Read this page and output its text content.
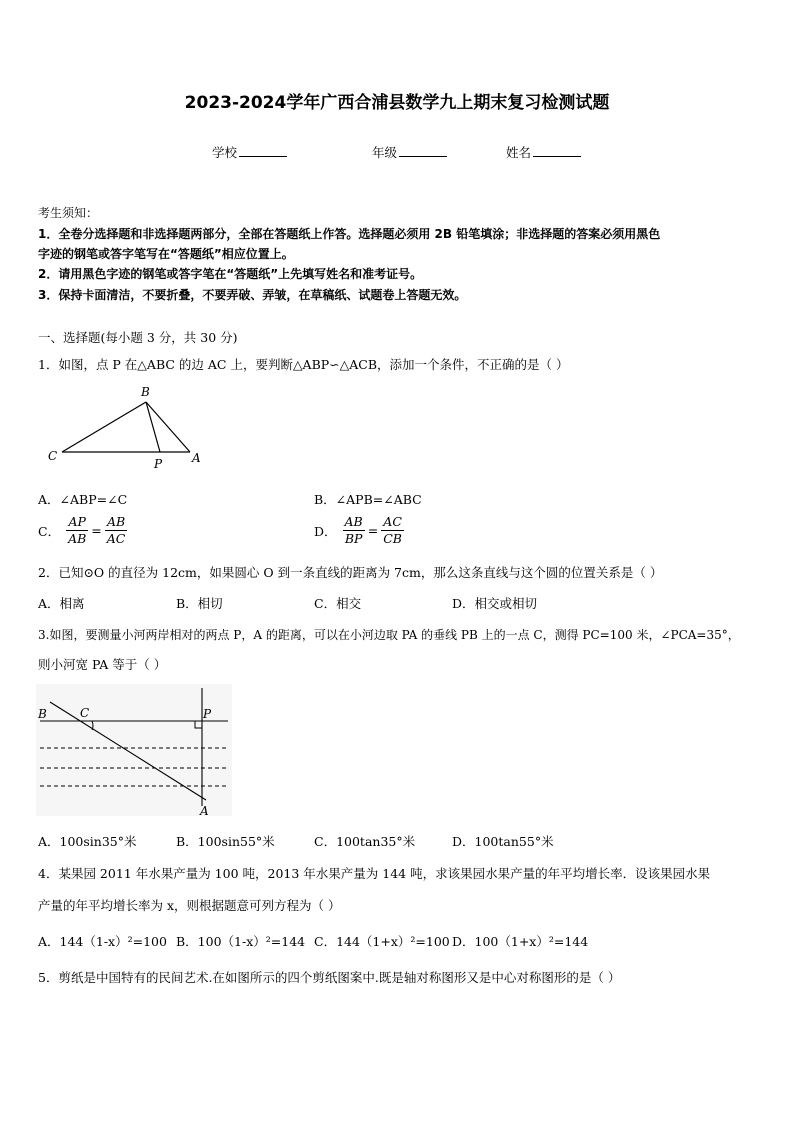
2023-2024学年广西合浦县数学九上期末复习检测试题
学校	年级	姓名
考生须知：
1．全卷分选择题和非选择题两部分，全部在答题纸上作答。选择题必须用 2B 铅笔填涂；非选择题的答案必须用黑色
字迹的钢笔或答字笔写在“答题纸”相应位置上。
2．请用黑色字迹的钢笔或答字笔在“答题纸”上先填写姓名和准考证号。
3．保持卡面清洁，不要折叠，不要弄破、弄皱，在草稿纸、试题卷上答题无效。
一、选择题(每小题 3 分，共 30 分)
1．如图，点 P 在△ABC 的边 AC 上，要判断△ABP∽△ACB，添加一个条件，不正确的是（ ）
B
C
P A
A．∠ABP=∠C	B．∠APB=∠ABC
C． $\frac{AP}{AB} = \frac{AB}{AC}$	D． $\frac{AB}{BP} = \frac{AC}{CB}$
2．已知⊙O 的直径为 12cm，如果圆心 O 到一条直线的距离为 7cm，那么这条直线与这个圆的位置关系是（ ）
A．相离	B．相切	C．相交	D．相交或相切
3.如图，要测量小河两岸相对的两点 P，A 的距离，可以在小河边取 PA 的垂线 PB 上的一点 C，测得 PC=100 米，∠PCA=35°，
则小河宽 PA 等于（ ）
B	C	P
A
A．100sin35°米	B．100sin55°米	C．100tan35°米	D．100tan55°米
4．某果园 2011 年水果产量为 100 吨，2013 年水果产量为 144 吨，求该果园水果产量的年平均增长率．设该果园水果
产量的年平均增长率为 x，则根据题意可列方程为（ ）
A．144（1-x）²=100 B．100（1-x）²=144 C．144（1+x）²=100 D．100（1+x）²=144
5．剪纸是中国特有的民间艺术.在如图所示的四个剪纸图案中.既是轴对称图形又是中心对称图形的是（ ）
